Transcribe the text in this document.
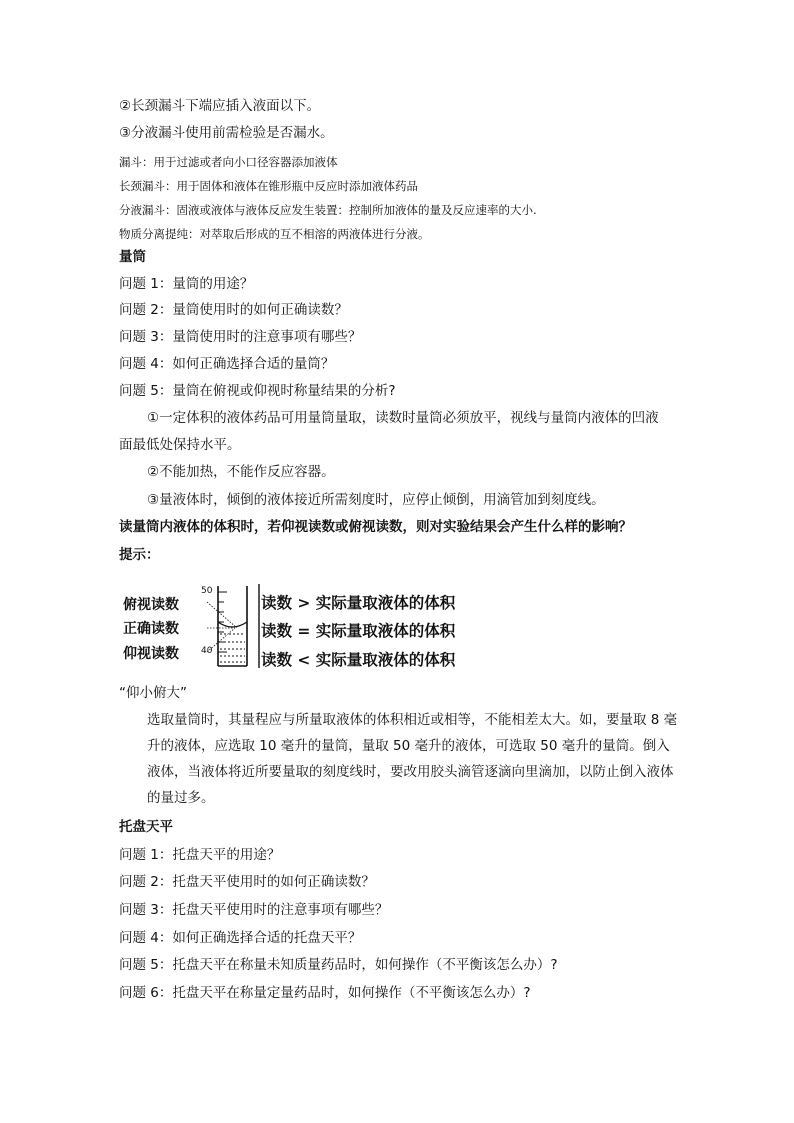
②长颈漏斗下端应插入液面以下。
③分液漏斗使用前需检验是否漏水。
漏斗：用于过滤或者向小口径容器添加液体
长颈漏斗：用于固体和液体在锥形瓶中反应时添加液体药品
分液漏斗：固液或液体与液体反应发生装置：控制所加液体的量及反应速率的大小.
物质分离提纯：对萃取后形成的互不相溶的两液体进行分液。
量筒
问题 1：量筒的用途？
问题 2：量筒使用时的如何正确读数？
问题 3：量筒使用时的注意事项有哪些？
问题 4：如何正确选择合适的量筒？
问题 5：量筒在俯视或仰视时称量结果的分析?
①一定体积的液体药品可用量筒量取，读数时量筒必须放平，视线与量筒内液体的凹液
面最低处保持水平。
②不能加热，不能作反应容器。
③量液体时，倾倒的液体接近所需刻度时，应停止倾倒，用滴管加到刻度线。
读量筒内液体的体积时，若仰视读数或俯视读数，则对实验结果会产生什么样的影响？
提示：
50
40
俯视读数
正确读数
仰视读数
读数 > 实际量取液体的体积
读数 = 实际量取液体的体积
读数 < 实际量取液体的体积
“仰小俯大”
选取量筒时，其量程应与所量取液体的体积相近或相等，不能相差太大。如，要量取 8 毫升的液体，应选取 10 毫升的量筒，量取 50 毫升的液体，可选取 50 毫升的量筒。倒入液体，当液体将近所要量取的刻度线时，要改用胶头滴管逐滴向里滴加，以防止倒入液体的量过多。
托盘天平
问题 1：托盘天平的用途？
问题 2：托盘天平使用时的如何正确读数？
问题 3：托盘天平使用时的注意事项有哪些？
问题 4：如何正确选择合适的托盘天平？
问题 5：托盘天平在称量未知质量药品时，如何操作（不平衡该怎么办）?
问题 6：托盘天平在称量定量药品时，如何操作（不平衡该怎么办）?
